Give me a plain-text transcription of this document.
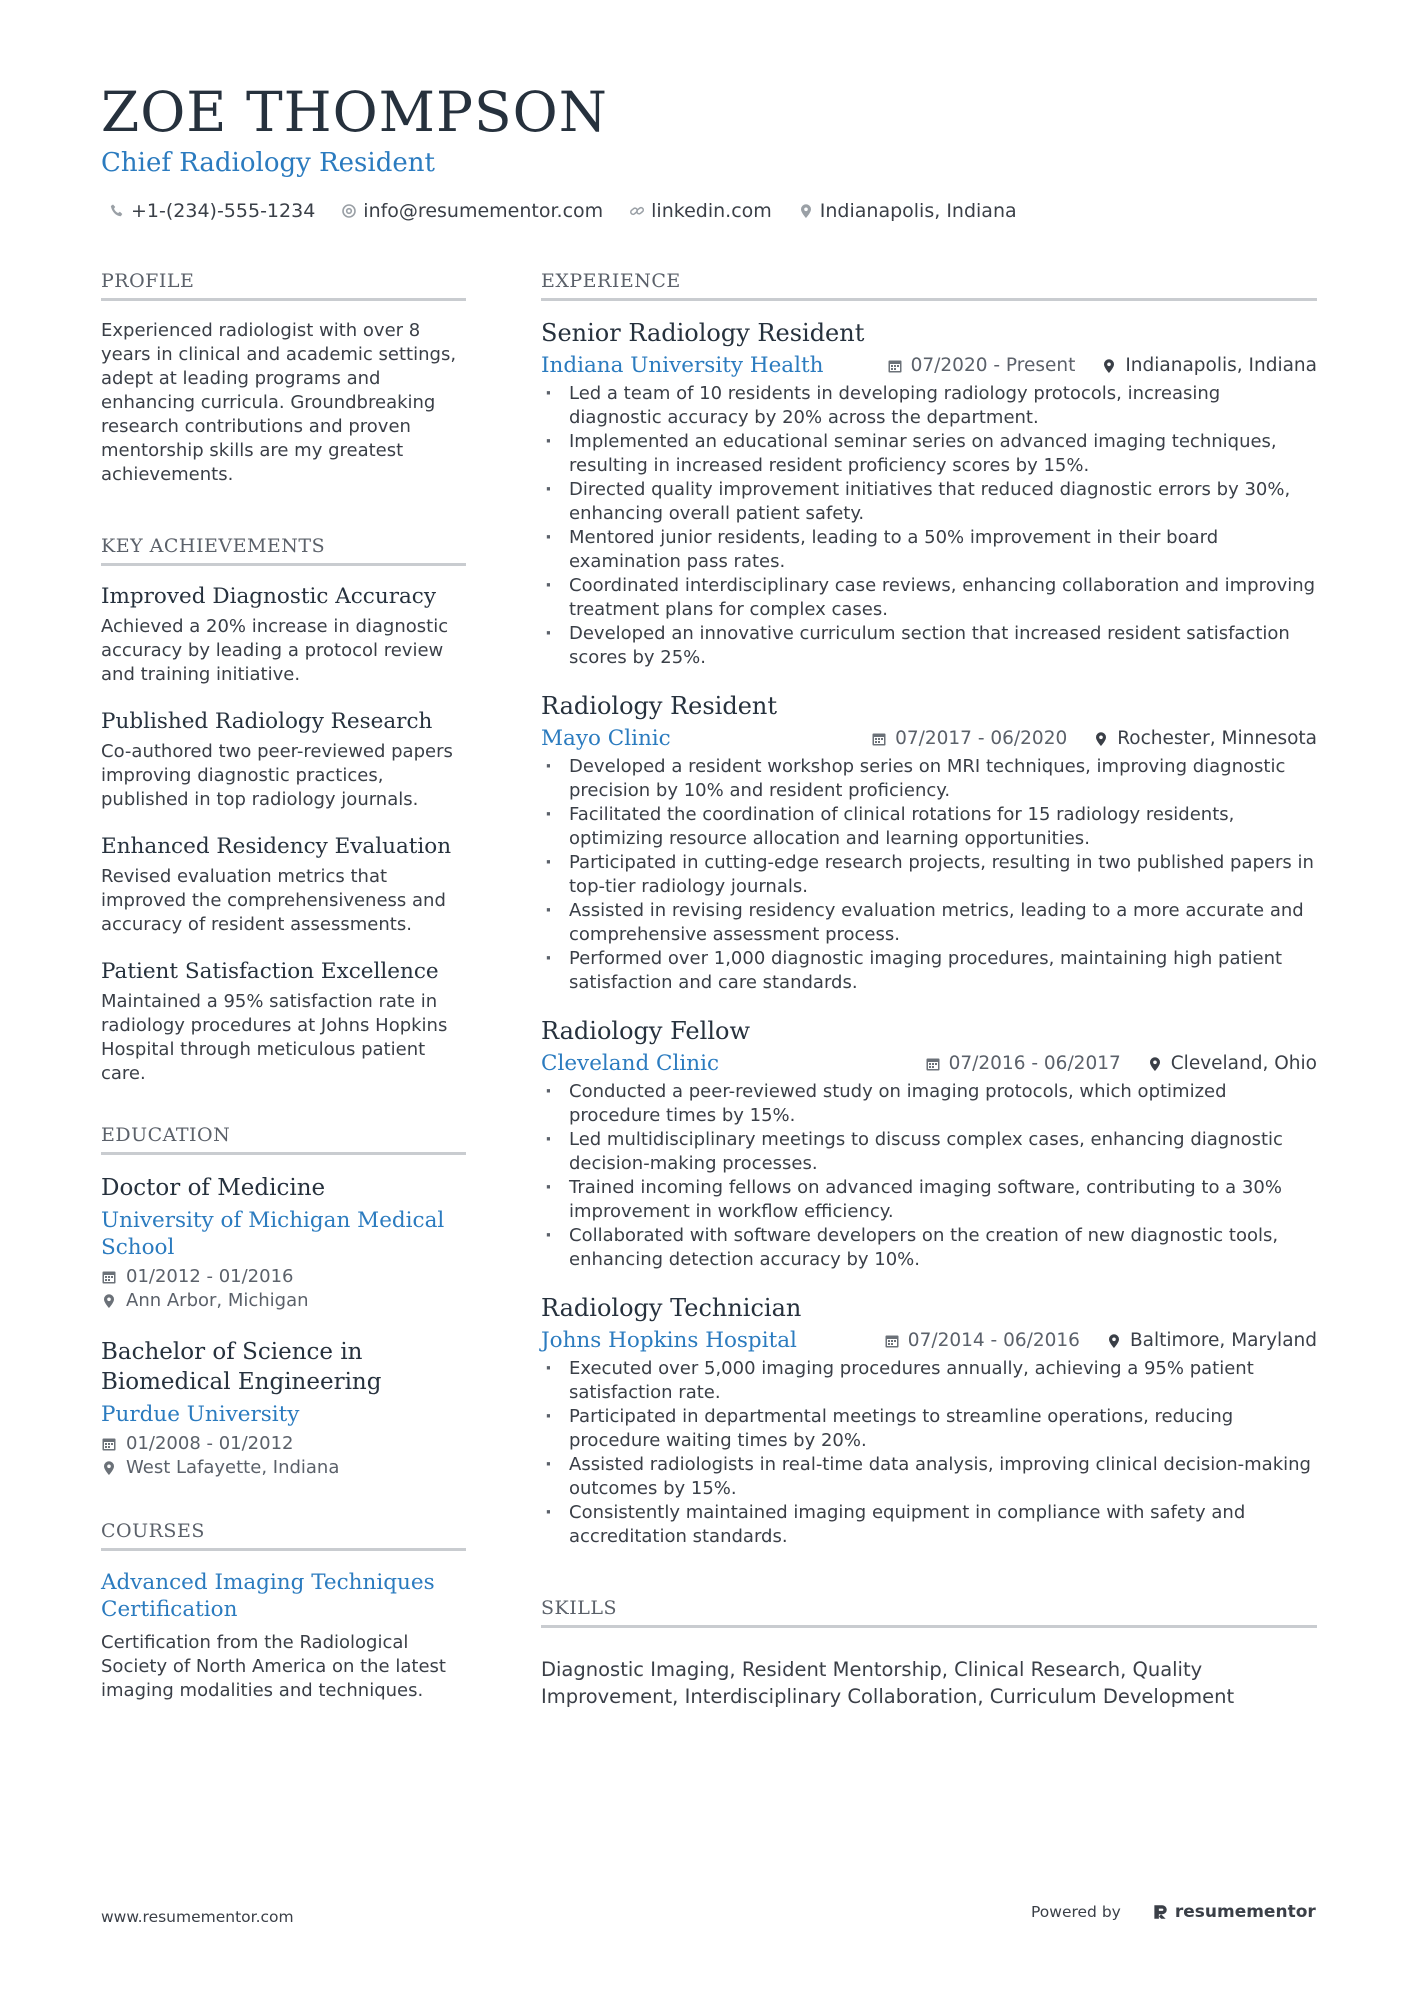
ZOE THOMPSON
Chief Radiology Resident
+1-(234)-555-1234	info@resumementor.com	linkedin.com	Indianapolis, Indiana
PROFILE
Experienced radiologist with over 8 years in clinical and academic settings, adept at leading programs and enhancing curricula. Groundbreaking research contributions and proven mentorship skills are my greatest achievements.
KEY ACHIEVEMENTS
Improved Diagnostic Accuracy
Achieved a 20% increase in diagnostic accuracy by leading a protocol review and training initiative.
Published Radiology Research
Co-authored two peer-reviewed papers improving diagnostic practices, published in top radiology journals.
Enhanced Residency Evaluation
Revised evaluation metrics that improved the comprehensiveness and accuracy of resident assessments.
Patient Satisfaction Excellence
Maintained a 95% satisfaction rate in radiology procedures at Johns Hopkins Hospital through meticulous patient care.
EDUCATION
Doctor of Medicine
University of Michigan Medical School
01/2012 - 01/2016
Ann Arbor, Michigan
Bachelor of Science in Biomedical Engineering
Purdue University
01/2008 - 01/2012
West Lafayette, Indiana
COURSES
Advanced Imaging Techniques Certification
Certification from the Radiological Society of North America on the latest imaging modalities and techniques.
EXPERIENCE
Senior Radiology Resident
Indiana University Health	07/2020 - Present	Indianapolis, Indiana
· Led a team of 10 residents in developing radiology protocols, increasing diagnostic accuracy by 20% across the department.
· Implemented an educational seminar series on advanced imaging techniques, resulting in increased resident proficiency scores by 15%.
· Directed quality improvement initiatives that reduced diagnostic errors by 30%, enhancing overall patient safety.
· Mentored junior residents, leading to a 50% improvement in their board examination pass rates.
· Coordinated interdisciplinary case reviews, enhancing collaboration and improving treatment plans for complex cases.
· Developed an innovative curriculum section that increased resident satisfaction scores by 25%.
Radiology Resident
Mayo Clinic	07/2017 - 06/2020	Rochester, Minnesota
· Developed a resident workshop series on MRI techniques, improving diagnostic precision by 10% and resident proficiency.
· Facilitated the coordination of clinical rotations for 15 radiology residents, optimizing resource allocation and learning opportunities.
· Participated in cutting-edge research projects, resulting in two published papers in top-tier radiology journals.
· Assisted in revising residency evaluation metrics, leading to a more accurate and comprehensive assessment process.
· Performed over 1,000 diagnostic imaging procedures, maintaining high patient satisfaction and care standards.
Radiology Fellow
Cleveland Clinic	07/2016 - 06/2017	Cleveland, Ohio
· Conducted a peer-reviewed study on imaging protocols, which optimized procedure times by 15%.
· Led multidisciplinary meetings to discuss complex cases, enhancing diagnostic decision-making processes.
· Trained incoming fellows on advanced imaging software, contributing to a 30% improvement in workflow efficiency.
· Collaborated with software developers on the creation of new diagnostic tools, enhancing detection accuracy by 10%.
Radiology Technician
Johns Hopkins Hospital	07/2014 - 06/2016	Baltimore, Maryland
· Executed over 5,000 imaging procedures annually, achieving a 95% patient satisfaction rate.
· Participated in departmental meetings to streamline operations, reducing procedure waiting times by 20%.
· Assisted radiologists in real-time data analysis, improving clinical decision-making outcomes by 15%.
· Consistently maintained imaging equipment in compliance with safety and accreditation standards.
SKILLS
Diagnostic Imaging, Resident Mentorship, Clinical Research, Quality Improvement, Interdisciplinary Collaboration, Curriculum Development
www.resumementor.com	Powered by	resumementor
